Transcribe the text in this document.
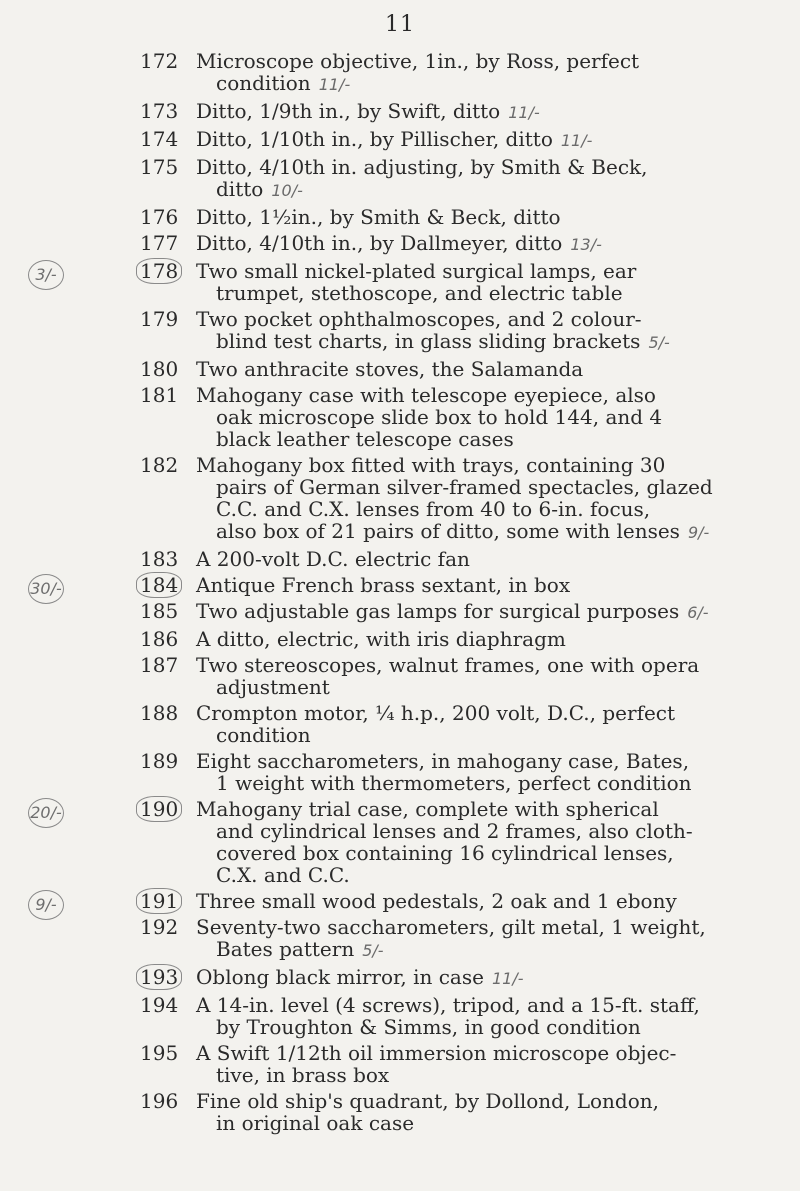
11
172 Microscope objective, 1in., by Ross, perfect
condition 11/-
173 Ditto, 1/9th in., by Swift, ditto 11/-
174 Ditto, 1/10th in., by Pillischer, ditto 11/-
175 Ditto, 4/10th in. adjusting, by Smith & Beck,
ditto 10/-
176 Ditto, 1½in., by Smith & Beck, ditto
177 Ditto, 4/10th in., by Dallmeyer, ditto 13/-
3/-	178 Two small nickel-plated surgical lamps, ear
trumpet, stethoscope, and electric table
179 Two pocket ophthalmoscopes, and 2 colour-
blind test charts, in glass sliding brackets 5/-
180 Two anthracite stoves, the Salamanda
181 Mahogany case with telescope eyepiece, also
oak microscope slide box to hold 144, and 4
black leather telescope cases
182 Mahogany box fitted with trays, containing 30
pairs of German silver-framed spectacles, glazed
C.C. and C.X. lenses from 40 to 6-in. focus,
also box of 21 pairs of ditto, some with lenses 9/-
183 A 200-volt D.C. electric fan
30/-	184 Antique French brass sextant, in box
185 Two adjustable gas lamps for surgical purposes 6/-
186 A ditto, electric, with iris diaphragm
187 Two stereoscopes, walnut frames, one with opera
adjustment
188 Crompton motor, ¼ h.p., 200 volt, D.C., perfect
condition
189 Eight saccharometers, in mahogany case, Bates,
1 weight with thermometers, perfect condition
20/-	190 Mahogany trial case, complete with spherical
and cylindrical lenses and 2 frames, also cloth-
covered box containing 16 cylindrical lenses,
C.X. and C.C.
9/-	191 Three small wood pedestals, 2 oak and 1 ebony
192 Seventy-two saccharometers, gilt metal, 1 weight,
Bates pattern 5/-
193 Oblong black mirror, in case 11/-
194 A 14-in. level (4 screws), tripod, and a 15-ft. staff,
by Troughton & Simms, in good condition
195 A Swift 1/12th oil immersion microscope objec-
tive, in brass box
196 Fine old ship's quadrant, by Dollond, London,
in original oak case
